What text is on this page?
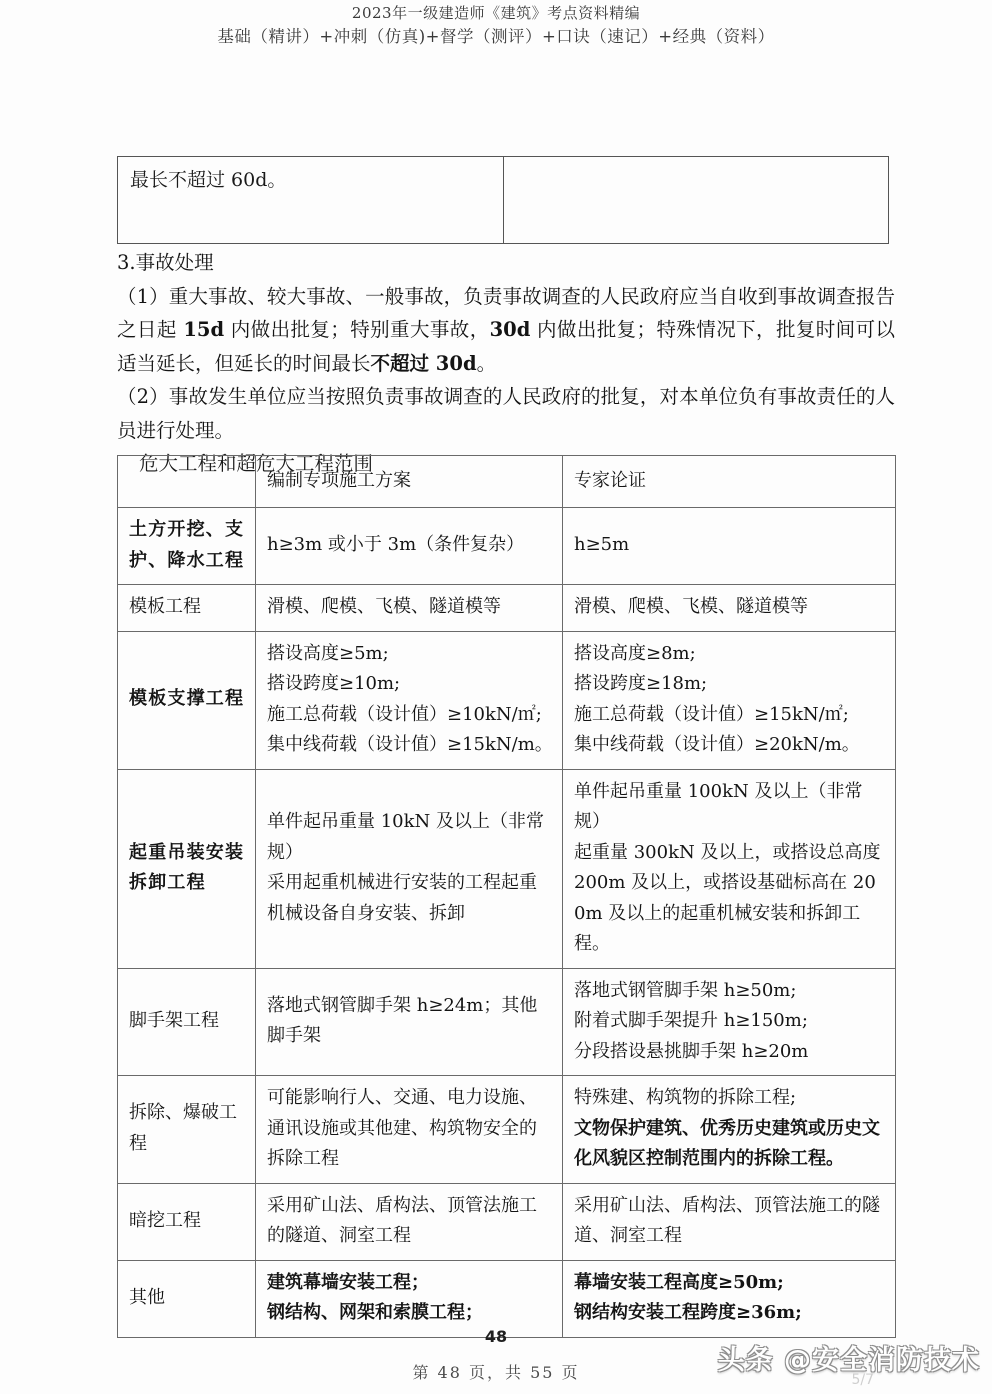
2023年一级建造师《建筑》考点资料精编
基础（精讲）+冲刺（仿真)+督学（测评）+口诀（速记）+经典（资料）
最长不超过 60d。

3.事故处理

（1）重大事故、较大事故、一般事故，负责事故调查的人民政府应当自收到事故调查报告之日起 15d 内做出批复；特别重大事故，30d 内做出批复；特殊情况下，批复时间可以适当延长，但延长的时间最长不超过 30d。

（2）事故发生单位应当按照负责事故调查的人民政府的批复，对本单位负有事故责任的人员进行处理。

危大工程和超危大工程范围

	编制专项施工方案	专家论证
土方开挖、支护、降水工程	h≥3m 或小于 3m（条件复杂）	h≥5m

模板工程	滑模、爬模、飞模、隧道模等	滑模、爬模、飞模、隧道模等

模板支撑工程	搭设高度≥5m;
搭设跨度≥10m;
施工总荷载（设计值）≥10kN/㎡;
集中线荷载（设计值）≥15kN/m。	搭设高度≥8m;
搭设跨度≥18m;
施工总荷载（设计值）≥15kN/㎡;
集中线荷载（设计值）≥20kN/m。

起重吊装安装拆卸工程	单件起吊重量 10kN 及以上（非常规）
采用起重机械进行安装的工程起重机械设备自身安装、拆卸	单件起吊重量 100kN 及以上（非常规）
起重量 300kN 及以上，或搭设总高度 200m 及以上，或搭设基础标高在 200m 及以上的起重机械安装和拆卸工程。

脚手架工程	落地式钢管脚手架 h≥24m；其他脚手架	落地式钢管脚手架 h≥50m;
附着式脚手架提升 h≥150m;
分段搭设悬挑脚手架 h≥20m

拆除、爆破工程	可能影响行人、交通、电力设施、通讯设施或其他建、构筑物安全的拆除工程	特殊建、构筑物的拆除工程;
文物保护建筑、优秀历史建筑或历史文化风貌区控制范围内的拆除工程。

暗挖工程	采用矿山法、盾构法、顶管法施工的隧道、洞室工程	采用矿山法、盾构法、顶管法施工的隧道、洞室工程

其他	建筑幕墙安装工程；
钢结构、网架和索膜工程；	幕墙安装工程高度≥50m;
钢结构安装工程跨度≥36m;
48
第 48 页，共 55 页	头条 @安全消防技术
5/7
